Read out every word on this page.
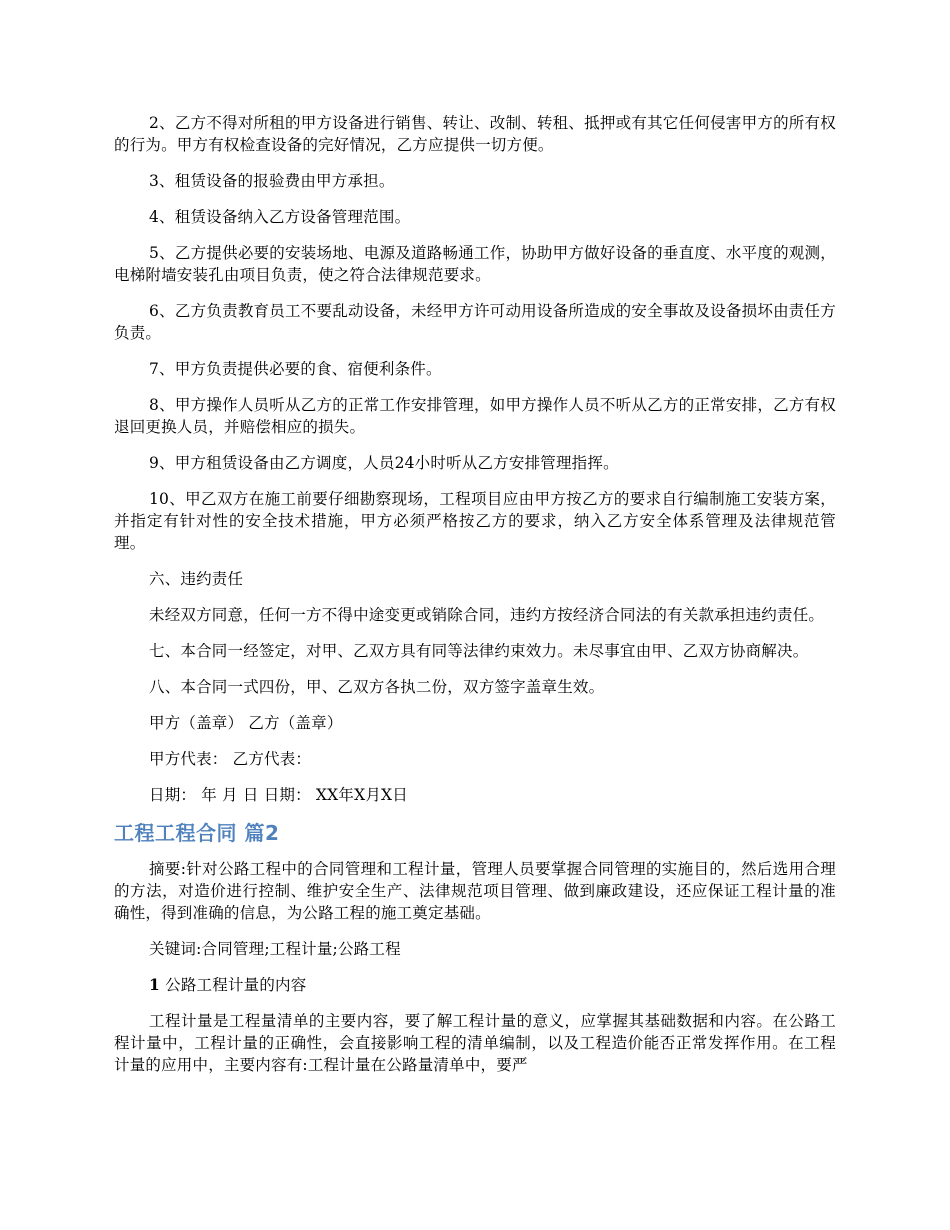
2、乙方不得对所租的甲方设备进行销售、转让、改制、转租、抵押或有其它任何侵害甲方的所有权的行为。甲方有权检查设备的完好情况，乙方应提供一切方便。

3、租赁设备的报验费由甲方承担。

4、租赁设备纳入乙方设备管理范围。

5、乙方提供必要的安装场地、电源及道路畅通工作，协助甲方做好设备的垂直度、水平度的观测，电梯附墙安装孔由项目负责，使之符合法律规范要求。

6、乙方负责教育员工不要乱动设备，未经甲方许可动用设备所造成的安全事故及设备损坏由责任方负责。

7、甲方负责提供必要的食、宿便利条件。

8、甲方操作人员听从乙方的正常工作安排管理，如甲方操作人员不听从乙方的正常安排，乙方有权退回更换人员，并赔偿相应的损失。

9、甲方租赁设备由乙方调度，人员24小时听从乙方安排管理指挥。

10、甲乙双方在施工前要仔细勘察现场，工程项目应由甲方按乙方的要求自行编制施工安装方案，并指定有针对性的安全技术措施，甲方必须严格按乙方的要求，纳入乙方安全体系管理及法律规范管理。

六、违约责任

未经双方同意，任何一方不得中途变更或销除合同，违约方按经济合同法的有关款承担违约责任。

七、本合同一经签定，对甲、乙双方具有同等法律约束效力。未尽事宜由甲、乙双方协商解决。

八、本合同一式四份，甲、乙双方各执二份，双方签字盖章生效。

甲方（盖章） 乙方（盖章）

甲方代表： 乙方代表：

日期： 年 月 日 日期： XX年X月X日

工程工程合同 篇2

摘要:针对公路工程中的合同管理和工程计量，管理人员要掌握合同管理的实施目的，然后选用合理的方法，对造价进行控制、维护安全生产、法律规范项目管理、做到廉政建设，还应保证工程计量的准确性，得到准确的信息，为公路工程的施工奠定基础。

关键词:合同管理;工程计量;公路工程

1 公路工程计量的内容

工程计量是工程量清单的主要内容，要了解工程计量的意义，应掌握其基础数据和内容。在公路工程计量中，工程计量的正确性，会直接影响工程的清单编制，以及工程造价能否正常发挥作用。在工程计量的应用中，主要内容有:工程计量在公路量清单中，要严
